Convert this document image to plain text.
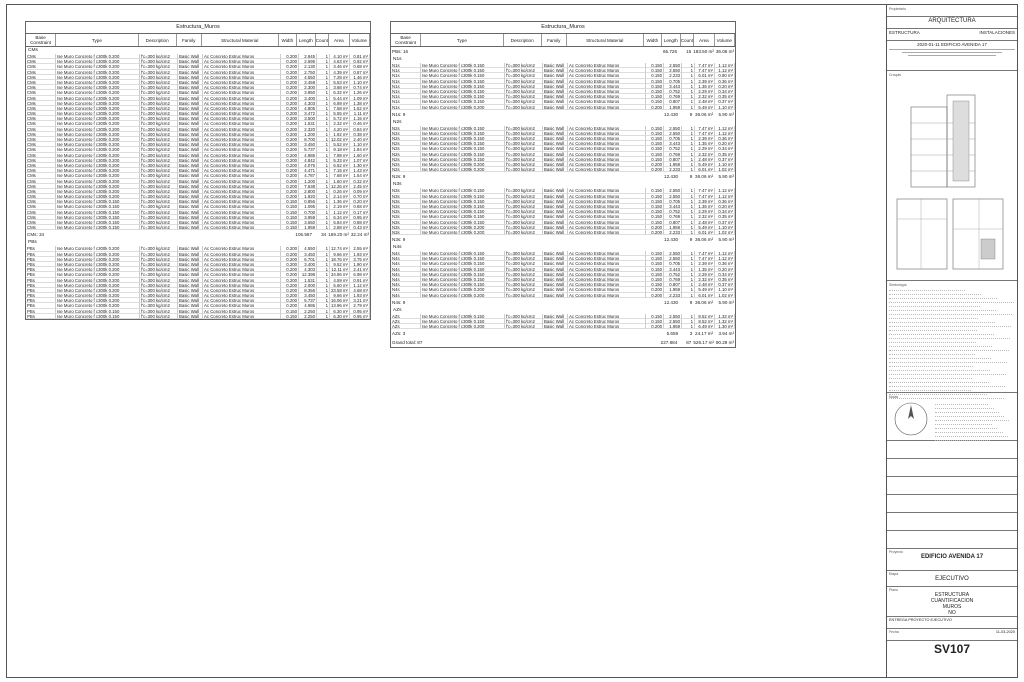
Estructura_Muros
Base Constraint	Type	Description	Family	Structural Material	Width	Length Count	Area	Volume
CMs
CMs	Ise Muro Concreto f c300k 0.200	f'c=300 kg/cm2	Basic Wall	Ac Concreto Estruc Muros	0.200	2.945	1	4.10 m²	0.81 m³
CMs	Ise Muro Concreto f c300k 0.200	f'c=300 kg/cm2	Basic Wall	Ac Concreto Estruc Muros	0.200	2.695	1	4.63 m²	0.92 m³
CMs	Ise Muro Concreto f c300k 0.200	f'c=300 kg/cm2	Basic Wall	Ac Concreto Estruc Muros	0.200	2.130	1	3.46 m²	0.68 m³
CMs	Ise Muro Concreto f c300k 0.200	f'c=300 kg/cm2	Basic Wall	Ac Concreto Estruc Muros	0.200	2.750	1	4.39 m²	0.87 m³
CMs	Ise Muro Concreto f c300k 0.200	f'c=300 kg/cm2	Basic Wall	Ac Concreto Estruc Muros	0.200	4.550	1	7.28 m²	1.46 m³
CMs	Ise Muro Concreto f c300k 0.200	f'c=300 kg/cm2	Basic Wall	Ac Concreto Estruc Muros	0.200	3.459	1	5.53 m²	1.10 m³
CMs	Ise Muro Concreto f c300k 0.200	f'c=300 kg/cm2	Basic Wall	Ac Concreto Estruc Muros	0.200	2.300	1	3.68 m²	0.74 m³
CMs	Ise Muro Concreto f c300k 0.200	f'c=300 kg/cm2	Basic Wall	Ac Concreto Estruc Muros	0.200	3.950	1	6.32 m²	1.26 m³
CMs	Ise Muro Concreto f c300k 0.200	f'c=300 kg/cm2	Basic Wall	Ac Concreto Estruc Muros	0.200	3.400	1	5.44 m²	1.09 m³
CMs	Ise Muro Concreto f c300k 0.200	f'c=300 kg/cm2	Basic Wall	Ac Concreto Estruc Muros	0.200	4.303	1	6.89 m²	1.38 m³
CMs	Ise Muro Concreto f c300k 0.200	f'c=300 kg/cm2	Basic Wall	Ac Concreto Estruc Muros	0.200	4.805	1	7.58 m²	1.52 m³
CMs	Ise Muro Concreto f c300k 0.200	f'c=300 kg/cm2	Basic Wall	Ac Concreto Estruc Muros	0.200	3.472	1	5.55 m²	1.11 m³
CMs	Ise Muro Concreto f c300k 0.200	f'c=300 kg/cm2	Basic Wall	Ac Concreto Estruc Muros	0.200	3.500	1	5.72 m²	1.15 m³
CMs	Ise Muro Concreto f c300k 0.200	f'c=300 kg/cm2	Basic Wall	Ac Concreto Estruc Muros	0.200	1.531	1	2.32 m²	0.46 m³
CMs	Ise Muro Concreto f c300k 0.200	f'c=300 kg/cm2	Basic Wall	Ac Concreto Estruc Muros	0.200	2.320	1	4.20 m²	0.84 m³
CMs	Ise Muro Concreto f c300k 0.200	f'c=300 kg/cm2	Basic Wall	Ac Concreto Estruc Muros	0.200	1.200	1	1.92 m²	0.38 m³
CMs	Ise Muro Concreto f c300k 0.200	f'c=300 kg/cm2	Basic Wall	Ac Concreto Estruc Muros	0.200	8.700	1 12.02 m²	2.40 m³
CMs	Ise Muro Concreto f c300k 0.200	f'c=300 kg/cm2	Basic Wall	Ac Concreto Estruc Muros	0.200	3.450	1	5.52 m²	1.10 m³
CMs	Ise Muro Concreto f c300k 0.200	f'c=300 kg/cm2	Basic Wall	Ac Concreto Estruc Muros	0.200	5.737	1	9.18 m²	1.84 m³
CMs	Ise Muro Concreto f c300k 0.200	f'c=300 kg/cm2	Basic Wall	Ac Concreto Estruc Muros	0.200	4.986	1	7.98 m²	1.60 m³
CMs	Ise Muro Concreto f c300k 0.200	f'c=300 kg/cm2	Basic Wall	Ac Concreto Estruc Muros	0.200	4.842	1	5.33 m²	1.07 m³
CMs	Ise Muro Concreto f c300k 0.200	f'c=300 kg/cm2	Basic Wall	Ac Concreto Estruc Muros	0.200	4.075	1	6.52 m²	1.30 m³
CMs	Ise Muro Concreto f c300k 0.200	f'c=300 kg/cm2	Basic Wall	Ac Concreto Estruc Muros	0.200	4.471	1	7.15 m²	1.43 m³
CMs	Ise Muro Concreto f c300k 0.200	f'c=300 kg/cm2	Basic Wall	Ac Concreto Estruc Muros	0.200	4.787	1	7.68 m²	1.54 m³
CMs	Ise Muro Concreto f c300k 0.200	f'c=300 kg/cm2	Basic Wall	Ac Concreto Estruc Muros	0.200	1.200	1	1.60 m²	0.32 m³
CMs	Ise Muro Concreto f c300k 0.200	f'c=300 kg/cm2	Basic Wall	Ac Concreto Estruc Muros	0.200	7.638	1 12.26 m²	2.45 m³
CMs	Ise Muro Concreto f c300k 0.200	f'c=300 kg/cm2	Basic Wall	Ac Concreto Estruc Muros	0.200	2.800	1	0.26 m²	0.09 m³
CMs	Ise Muro Concreto f c300k 0.200	f'c=300 kg/cm2	Basic Wall	Ac Concreto Estruc Muros	0.200	1.920	1	2.14 m²	0.70 m³
CMs	Ise Muro Concreto f c300k 0.150	f'c=300 kg/cm2	Basic Wall	Ac Concreto Estruc Muros	0.150	0.856	1	1.36 m²	0.20 m³
CMs	Ise Muro Concreto f c300k 0.150	f'c=300 kg/cm2	Basic Wall	Ac Concreto Estruc Muros	0.150	1.095	1	2.19 m²	0.68 m³
CMs	Ise Muro Concreto f c300k 0.150	f'c=300 kg/cm2	Basic Wall	Ac Concreto Estruc Muros	0.150	0.700	1	1.12 m²	0.17 m³
CMs	Ise Muro Concreto f c300k 0.150	f'c=300 kg/cm2	Basic Wall	Ac Concreto Estruc Muros	0.150	3.959	1	6.34 m²	0.95 m³
CMs	Ise Muro Concreto f c300k 0.150	f'c=300 kg/cm2	Basic Wall	Ac Concreto Estruc Muros	0.150	3.650	1	5.84 m²	0.88 m³
CMs	Ise Muro Concreto f c300k 0.150	f'c=300 kg/cm2	Basic Wall	Ac Concreto Estruc Muros	0.150	1.959	1	2.88 m²	0.43 m³
CMs: 34	105.587	34 169.20 m² 32.24 m³
PBs
PBs	Ise Muro Concreto f c300k 0.200	f'c=300 kg/cm2	Basic Wall	Ac Concreto Estruc Muros	0.200	4.550	1 12.74 m²	2.55 m³
PBs	Ise Muro Concreto f c300k 0.200	f'c=300 kg/cm2	Basic Wall	Ac Concreto Estruc Muros	0.200	3.450	1	9.66 m²	1.93 m³
PBs	Ise Muro Concreto f c300k 0.200	f'c=300 kg/cm2	Basic Wall	Ac Concreto Estruc Muros	0.200	6.701	1 18.76 m²	3.75 m³
PBs	Ise Muro Concreto f c300k 0.200	f'c=300 kg/cm2	Basic Wall	Ac Concreto Estruc Muros	0.200	3.400	1	9.52 m²	1.90 m³
PBs	Ise Muro Concreto f c300k 0.200	f'c=300 kg/cm2	Basic Wall	Ac Concreto Estruc Muros	0.200	4.303	1 12.11 m²	2.41 m³
PBs	Ise Muro Concreto f c300k 0.200	f'c=300 kg/cm2	Basic Wall	Ac Concreto Estruc Muros	0.200	12.398	1 34.86 m²	6.98 m³
PBs	Ise Muro Concreto f c300k 0.200	f'c=300 kg/cm2	Basic Wall	Ac Concreto Estruc Muros	0.200	1.531	1	4.59 m²	0.91 m³
PBs	Ise Muro Concreto f c300k 0.200	f'c=300 kg/cm2	Basic Wall	Ac Concreto Estruc Muros	0.200	2.000	1	5.60 m²	1.12 m³
PBs	Ise Muro Concreto f c300k 0.200	f'c=300 kg/cm2	Basic Wall	Ac Concreto Estruc Muros	0.200	8.356	1 23.58 m²	4.68 m³
PBs	Ise Muro Concreto f c300k 0.200	f'c=300 kg/cm2	Basic Wall	Ac Concreto Estruc Muros	0.200	3.450	1	9.66 m²	1.93 m³
PBs	Ise Muro Concreto f c300k 0.200	f'c=300 kg/cm2	Basic Wall	Ac Concreto Estruc Muros	0.200	5.737	1 16.06 m²	3.21 m³
PBs	Ise Muro Concreto f c300k 0.200	f'c=300 kg/cm2	Basic Wall	Ac Concreto Estruc Muros	0.200	4.986	1 13.96 m²	2.79 m³
PBs	Ise Muro Concreto f c300k 0.150	f'c=300 kg/cm2	Basic Wall	Ac Concreto Estruc Muros	0.150	2.250	1	6.30 m²	0.95 m³
PBs	Ise Muro Concreto f c300k 0.150	f'c=300 kg/cm2	Basic Wall	Ac Concreto Estruc Muros	0.150	2.250	1	6.30 m²	0.95 m³
Estructura_Muros
Base Constraint	Type	Description	Family	Structural Material	Width	Length Count	Area	Volume
PBs: 16	65.726	16 183.50 m² 36.06 m³
N1s
N1s	Ise Muro Concreto f c300k 0.150	f'c=300 kg/cm2	Basic Wall	Ac Concreto Estruc Muros	0.150	2.550	1	7.47 m²	1.12 m³
N1s	Ise Muro Concreto f c300k 0.150	f'c=300 kg/cm2	Basic Wall	Ac Concreto Estruc Muros	0.150	2.550	1	7.47 m²	1.12 m³
N1s	Ise Muro Concreto f c300k 0.150	f'c=300 kg/cm2	Basic Wall	Ac Concreto Estruc Muros	0.150	2.233	1	6.01 m²	0.90 m³
N1s	Ise Muro Concreto f c300k 0.150	f'c=300 kg/cm2	Basic Wall	Ac Concreto Estruc Muros	0.150	0.705	1	2.39 m²	0.36 m³
N1s	Ise Muro Concreto f c300k 0.150	f'c=300 kg/cm2	Basic Wall	Ac Concreto Estruc Muros	0.150	3.443	1	1.35 m²	0.20 m³
N1s	Ise Muro Concreto f c300k 0.150	f'c=300 kg/cm2	Basic Wall	Ac Concreto Estruc Muros	0.150	0.752	1	2.29 m²	0.34 m³
N1s	Ise Muro Concreto f c300k 0.150	f'c=300 kg/cm2	Basic Wall	Ac Concreto Estruc Muros	0.150	0.769	1	2.32 m²	0.35 m³
N1s	Ise Muro Concreto f c300k 0.150	f'c=300 kg/cm2	Basic Wall	Ac Concreto Estruc Muros	0.150	0.807	1	2.48 m²	0.37 m³
N1s	Ise Muro Concreto f c300k 0.200	f'c=300 kg/cm2	Basic Wall	Ac Concreto Estruc Muros	0.200	1.959	1	5.49 m²	1.10 m³
N1s: 9	12.430	9 36.06 m²	5.90 m³
N2s
N2s	Ise Muro Concreto f c300k 0.150	f'c=300 kg/cm2	Basic Wall	Ac Concreto Estruc Muros	0.150	2.550	1	7.47 m²	1.12 m³
N2s	Ise Muro Concreto f c300k 0.150	f'c=300 kg/cm2	Basic Wall	Ac Concreto Estruc Muros	0.150	2.550	1	7.47 m²	1.12 m³
N2s	Ise Muro Concreto f c300k 0.150	f'c=300 kg/cm2	Basic Wall	Ac Concreto Estruc Muros	0.150	0.705	1	2.39 m²	0.36 m³
N2s	Ise Muro Concreto f c300k 0.150	f'c=300 kg/cm2	Basic Wall	Ac Concreto Estruc Muros	0.150	3.443	1	1.35 m²	0.20 m³
N2s	Ise Muro Concreto f c300k 0.150	f'c=300 kg/cm2	Basic Wall	Ac Concreto Estruc Muros	0.150	0.752	1	2.29 m²	0.34 m³
N2s	Ise Muro Concreto f c300k 0.150	f'c=300 kg/cm2	Basic Wall	Ac Concreto Estruc Muros	0.150	0.769	1	2.32 m²	0.35 m³
N2s	Ise Muro Concreto f c300k 0.150	f'c=300 kg/cm2	Basic Wall	Ac Concreto Estruc Muros	0.150	0.807	1	2.48 m²	0.37 m³
N2s	Ise Muro Concreto f c300k 0.200	f'c=300 kg/cm2	Basic Wall	Ac Concreto Estruc Muros	0.200	1.959	1	5.49 m²	1.10 m³
N2s	Ise Muro Concreto f c300k 0.200	f'c=300 kg/cm2	Basic Wall	Ac Concreto Estruc Muros	0.200	2.233	1	6.01 m²	1.02 m³
N2s: 9	12.430	9 36.06 m²	5.90 m³
N3s
N3s	Ise Muro Concreto f c300k 0.150	f'c=300 kg/cm2	Basic Wall	Ac Concreto Estruc Muros	0.150	2.550	1	7.47 m²	1.12 m³
N3s	Ise Muro Concreto f c300k 0.150	f'c=300 kg/cm2	Basic Wall	Ac Concreto Estruc Muros	0.150	2.550	1	7.47 m²	1.12 m³
N3s	Ise Muro Concreto f c300k 0.150	f'c=300 kg/cm2	Basic Wall	Ac Concreto Estruc Muros	0.150	0.705	1	2.39 m²	0.36 m³
N3s	Ise Muro Concreto f c300k 0.150	f'c=300 kg/cm2	Basic Wall	Ac Concreto Estruc Muros	0.150	3.443	1	1.35 m²	0.20 m³
N3s	Ise Muro Concreto f c300k 0.150	f'c=300 kg/cm2	Basic Wall	Ac Concreto Estruc Muros	0.150	0.752	1	2.29 m²	0.34 m³
N3s	Ise Muro Concreto f c300k 0.150	f'c=300 kg/cm2	Basic Wall	Ac Concreto Estruc Muros	0.150	0.769	1	2.32 m²	0.35 m³
N3s	Ise Muro Concreto f c300k 0.150	f'c=300 kg/cm2	Basic Wall	Ac Concreto Estruc Muros	0.150	0.807	1	2.48 m²	0.37 m³
N3s	Ise Muro Concreto f c300k 0.200	f'c=300 kg/cm2	Basic Wall	Ac Concreto Estruc Muros	0.200	1.959	1	5.49 m²	1.10 m³
N3s	Ise Muro Concreto f c300k 0.200	f'c=300 kg/cm2	Basic Wall	Ac Concreto Estruc Muros	0.200	2.233	1	6.01 m²	1.02 m³
N3s: 9	12.430	9 36.06 m²	5.90 m³
N4s
N4s	Ise Muro Concreto f c300k 0.150	f'c=300 kg/cm2	Basic Wall	Ac Concreto Estruc Muros	0.150	2.550	1	7.47 m²	1.12 m³
N4s	Ise Muro Concreto f c300k 0.150	f'c=300 kg/cm2	Basic Wall	Ac Concreto Estruc Muros	0.150	2.550	1	7.47 m²	1.12 m³
N4s	Ise Muro Concreto f c300k 0.150	f'c=300 kg/cm2	Basic Wall	Ac Concreto Estruc Muros	0.150	0.705	1	2.39 m²	0.36 m³
N4s	Ise Muro Concreto f c300k 0.150	f'c=300 kg/cm2	Basic Wall	Ac Concreto Estruc Muros	0.150	3.443	1	1.35 m²	0.20 m³
N4s	Ise Muro Concreto f c300k 0.150	f'c=300 kg/cm2	Basic Wall	Ac Concreto Estruc Muros	0.150	0.752	1	2.29 m²	0.34 m³
N4s	Ise Muro Concreto f c300k 0.150	f'c=300 kg/cm2	Basic Wall	Ac Concreto Estruc Muros	0.150	0.769	1	2.32 m²	0.35 m³
N4s	Ise Muro Concreto f c300k 0.150	f'c=300 kg/cm2	Basic Wall	Ac Concreto Estruc Muros	0.150	0.807	1	2.48 m²	0.37 m³
N4s	Ise Muro Concreto f c300k 0.200	f'c=300 kg/cm2	Basic Wall	Ac Concreto Estruc Muros	0.200	1.959	1	5.49 m²	1.10 m³
N4s	Ise Muro Concreto f c300k 0.200	f'c=300 kg/cm2	Basic Wall	Ac Concreto Estruc Muros	0.200	2.233	1	6.01 m²	1.02 m³
N4s: 9	12.430	9 36.06 m²	5.90 m³
AZs
AZs	Ise Muro Concreto f c300k 0.150	f'c=300 kg/cm2	Basic Wall	Ac Concreto Estruc Muros	0.150	2.550	1	8.52 m²	1.32 m³
AZs	Ise Muro Concreto f c300k 0.150	f'c=300 kg/cm2	Basic Wall	Ac Concreto Estruc Muros	0.150	2.550	1	8.52 m²	1.32 m³
AZs	Ise Muro Concreto f c300k 0.200	f'c=300 kg/cm2	Basic Wall	Ac Concreto Estruc Muros	0.200	1.959	1	6.49 m²	1.30 m³
AZs: 3	5.659	3 24.17 m²	3.94 m³
Grand total: 87	227.884	87 526.17 m² 90.29 m³
Propietario
ARQUITECTURA
ESTRUCTURA	INSTALACIONES
2020-01-11 EDIFICIO AVENIDA 17
Croquis
Simbología
Notas
Proyecto
EDIFICIO AVENIDA 17
Etapa
EJECUTIVO
Plano
ESTRUCTURA
CUANTIFICACION
MUROS
NO
ENTREGA PROYECTO EJECUTIVO
Fecha	11-03-2020
SV107
